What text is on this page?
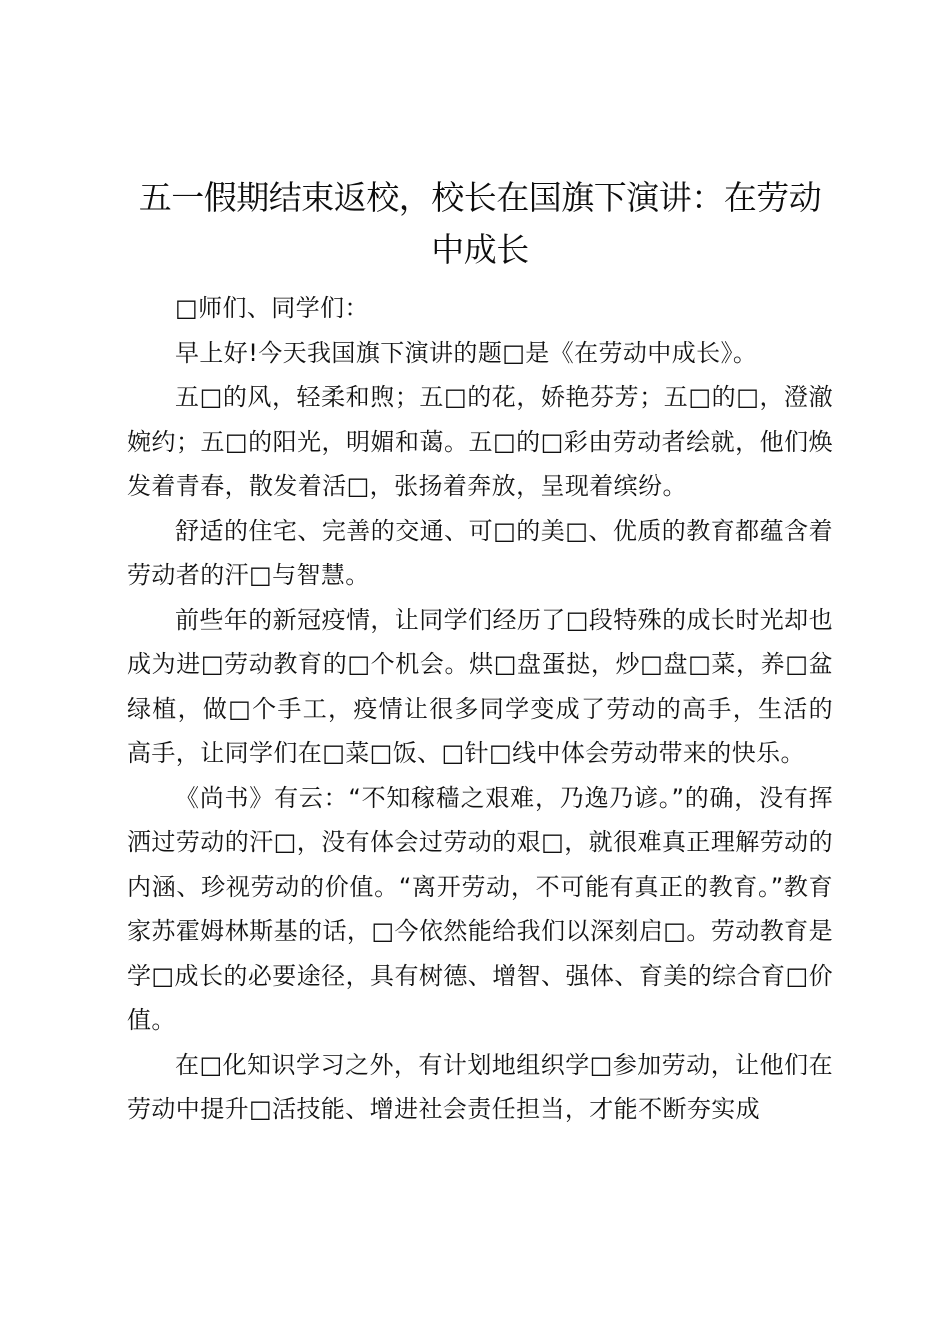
五一假期结束返校，校长在国旗下演讲：在劳动中成长

□师们、同学们：

早上好!今天我国旗下演讲的题□是《在劳动中成长》。

五□的风，轻柔和煦；五□的花，娇艳芬芳；五□的□，澄澈婉约；五□的阳光，明媚和蔼。五□的□彩由劳动者绘就，他们焕发着青春，散发着活□，张扬着奔放，呈现着缤纷。

舒适的住宅、完善的交通、可□的美□、优质的教育都蕴含着劳动者的汗□与智慧。

前些年的新冠疫情，让同学们经历了□段特殊的成长时光却也成为进□劳动教育的□个机会。烘□盘蛋挞，炒□盘□菜，养□盆绿植，做□个手工，疫情让很多同学变成了劳动的高手，生活的高手，让同学们在□菜□饭、□针□线中体会劳动带来的快乐。

《尚书》有云：“不知稼穑之艰难，乃逸乃谚。”的确，没有挥洒过劳动的汗□，没有体会过劳动的艰□，就很难真正理解劳动的内涵、珍视劳动的价值。“离开劳动，不可能有真正的教育。”教育家苏霍姆林斯基的话，□今依然能给我们以深刻启□。劳动教育是学□成长的必要途径，具有树德、增智、强体、育美的综合育□价值。

在□化知识学习之外，有计划地组织学□参加劳动，让他们在劳动中提升□活技能、增进社会责任担当，才能不断夯实成
